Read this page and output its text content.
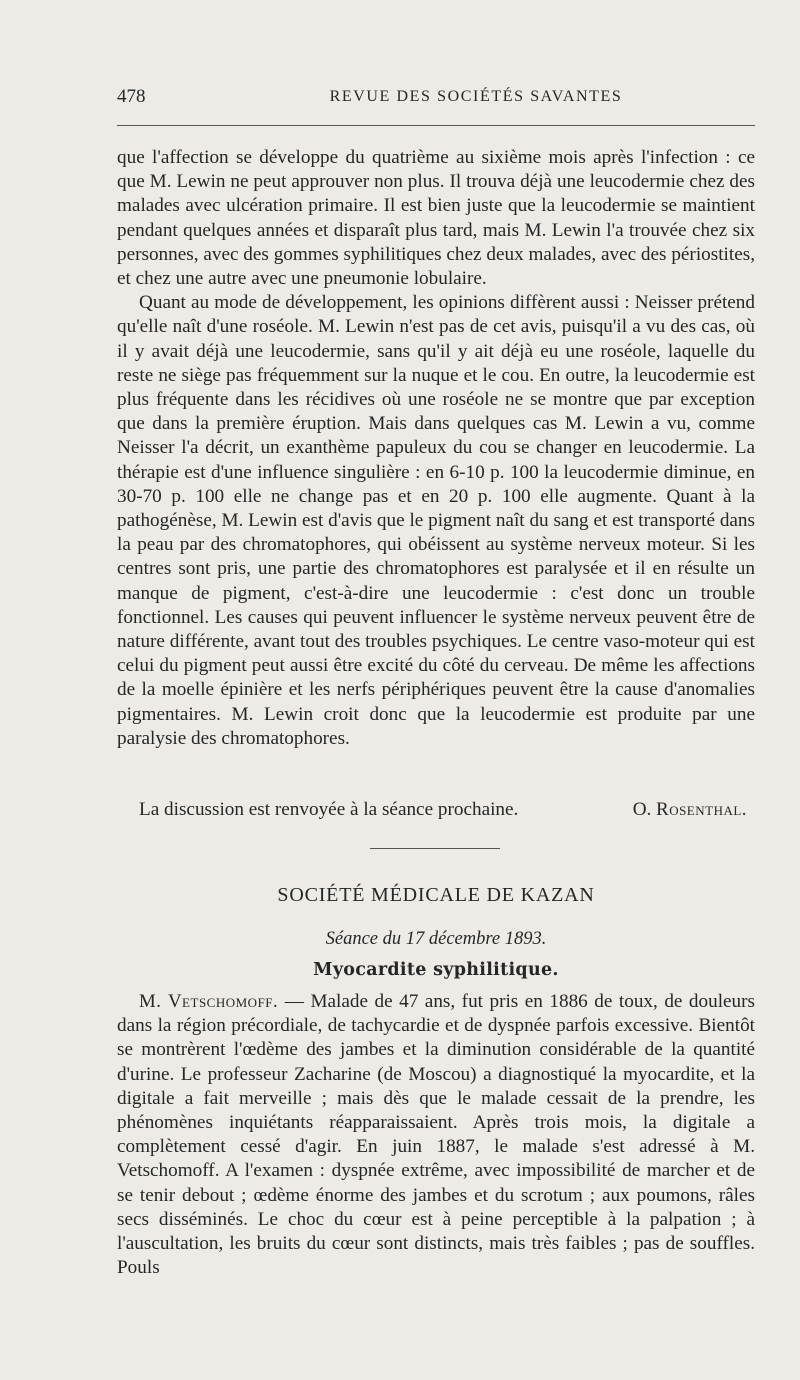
478	REVUE DES SOCIÉTÉS SAVANTES

que l'affection se développe du quatrième au sixième mois après l'infection : ce que M. Lewin ne peut approuver non plus. Il trouva déjà une leucodermie chez des malades avec ulcération primaire. Il est bien juste que la leucodermie se maintient pendant quelques années et disparaît plus tard, mais M. Lewin l'a trouvée chez six personnes, avec des gommes syphilitiques chez deux malades, avec des périostites, et chez une autre avec une pneumonie lobulaire.

Quant au mode de développement, les opinions diffèrent aussi : Neisser prétend qu'elle naît d'une roséole. M. Lewin n'est pas de cet avis, puisqu'il a vu des cas, où il y avait déjà une leucodermie, sans qu'il y ait déjà eu une roséole, laquelle du reste ne siège pas fréquemment sur la nuque et le cou. En outre, la leucodermie est plus fréquente dans les récidives où une roséole ne se montre que par exception que dans la première éruption. Mais dans quelques cas M. Lewin a vu, comme Neisser l'a décrit, un exanthème papuleux du cou se changer en leucodermie. La thérapie est d'une influence singulière : en 6-10 p. 100 la leucodermie diminue, en 30-70 p. 100 elle ne change pas et en 20 p. 100 elle augmente. Quant à la pathogénèse, M. Lewin est d'avis que le pigment naît du sang et est transporté dans la peau par des chromatophores, qui obéissent au système nerveux moteur. Si les centres sont pris, une partie des chromatophores est paralysée et il en résulte un manque de pigment, c'est-à-dire une leucodermie : c'est donc un trouble fonctionnel. Les causes qui peuvent influencer le système nerveux peuvent être de nature différente, avant tout des troubles psychiques. Le centre vaso-moteur qui est celui du pigment peut aussi être excité du côté du cerveau. De même les affections de la moelle épinière et les nerfs périphériques peuvent être la cause d'anomalies pigmentaires. M. Lewin croit donc que la leucodermie est produite par une paralysie des chromatophores.

La discussion est renvoyée à la séance prochaine.	O. Rosenthal.
SOCIÉTÉ MÉDICALE DE KAZAN
Séance du 17 décembre 1893.
Myocardite syphilitique.

M. Vetschomoff. — Malade de 47 ans, fut pris en 1886 de toux, de douleurs dans la région précordiale, de tachycardie et de dyspnée parfois excessive. Bientôt se montrèrent l'œdème des jambes et la diminution considérable de la quantité d'urine. Le professeur Zacharine (de Moscou) a diagnostiqué la myocardite, et la digitale a fait merveille ; mais dès que le malade cessait de la prendre, les phénomènes inquiétants réapparaissaient. Après trois mois, la digitale a complètement cessé d'agir. En juin 1887, le malade s'est adressé à M. Vetschomoff. A l'examen : dyspnée extrême, avec impossibilité de marcher et de se tenir debout ; œdème énorme des jambes et du scrotum ; aux poumons, râles secs disséminés. Le choc du cœur est à peine perceptible à la palpation ; à l'auscultation, les bruits du cœur sont distincts, mais très faibles ; pas de souffles. Pouls
